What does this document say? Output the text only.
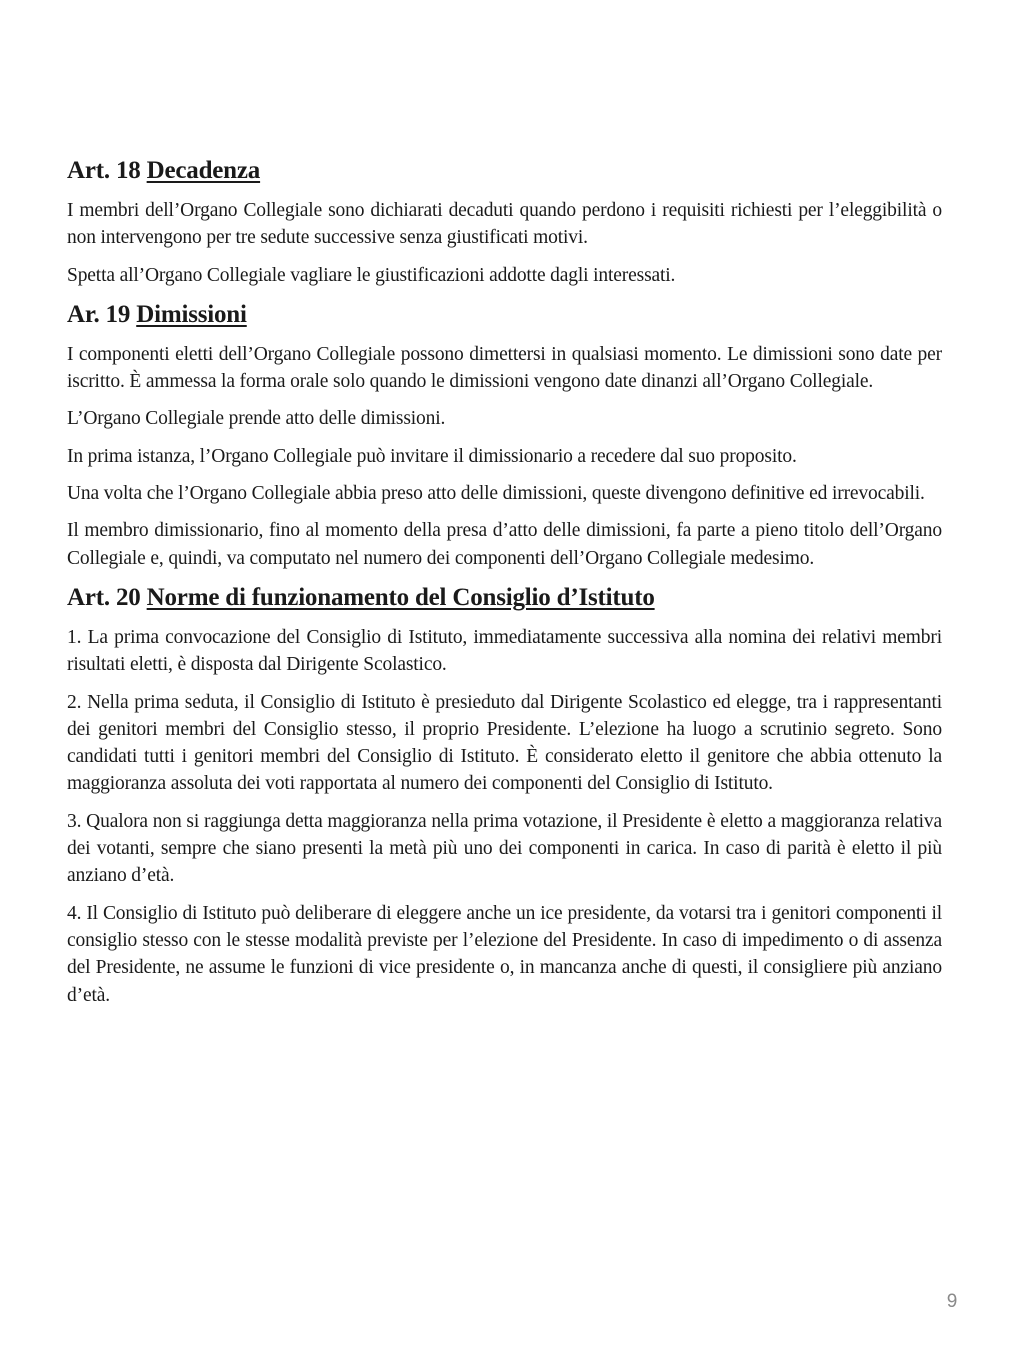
Art. 18 Decadenza

I membri dell’Organo Collegiale sono dichiarati decaduti quando perdono i requisiti richiesti per l’eleggibilità o non intervengono per tre sedute successive senza giustificati motivi.

Spetta all’Organo Collegiale vagliare le giustificazioni addotte dagli interessati.

Ar. 19 Dimissioni

I componenti eletti dell’Organo Collegiale possono dimettersi in qualsiasi momento. Le dimissioni sono date per iscritto. È ammessa la forma orale solo quando le dimissioni vengono date dinanzi all’Organo Collegiale.

L’Organo Collegiale prende atto delle dimissioni.

In prima istanza, l’Organo Collegiale può invitare il dimissionario a recedere dal suo proposito.

Una volta che l’Organo Collegiale abbia preso atto delle dimissioni, queste divengono definitive ed irrevocabili.

Il membro dimissionario, fino al momento della presa d’atto delle dimissioni, fa parte a pieno titolo dell’Organo Collegiale e, quindi, va computato nel numero dei componenti dell’Organo Collegiale medesimo.

Art. 20 Norme di funzionamento del Consiglio d’Istituto

1. La prima convocazione del Consiglio di Istituto, immediatamente successiva alla nomina dei relativi membri risultati eletti, è disposta dal Dirigente Scolastico.

2. Nella prima seduta, il Consiglio di Istituto è presieduto dal Dirigente Scolastico ed elegge, tra i rappresentanti dei genitori membri del Consiglio stesso, il proprio Presidente. L’elezione ha luogo a scrutinio segreto. Sono candidati tutti i genitori membri del Consiglio di Istituto. È considerato eletto il genitore che abbia ottenuto la maggioranza assoluta dei voti rapportata al numero dei componenti del Consiglio di Istituto.

3. Qualora non si raggiunga detta maggioranza nella prima votazione, il Presidente è eletto a maggioranza relativa dei votanti, sempre che siano presenti la metà più uno dei componenti in carica. In caso di parità è eletto il più anziano d’età.

4. Il Consiglio di Istituto può deliberare di eleggere anche un ice presidente, da votarsi tra i genitori componenti il consiglio stesso con le stesse modalità previste per l’elezione del Presidente. In caso di impedimento o di assenza del Presidente, ne assume le funzioni di vice presidente o, in mancanza anche di questi, il consigliere più anziano d’età.

9
